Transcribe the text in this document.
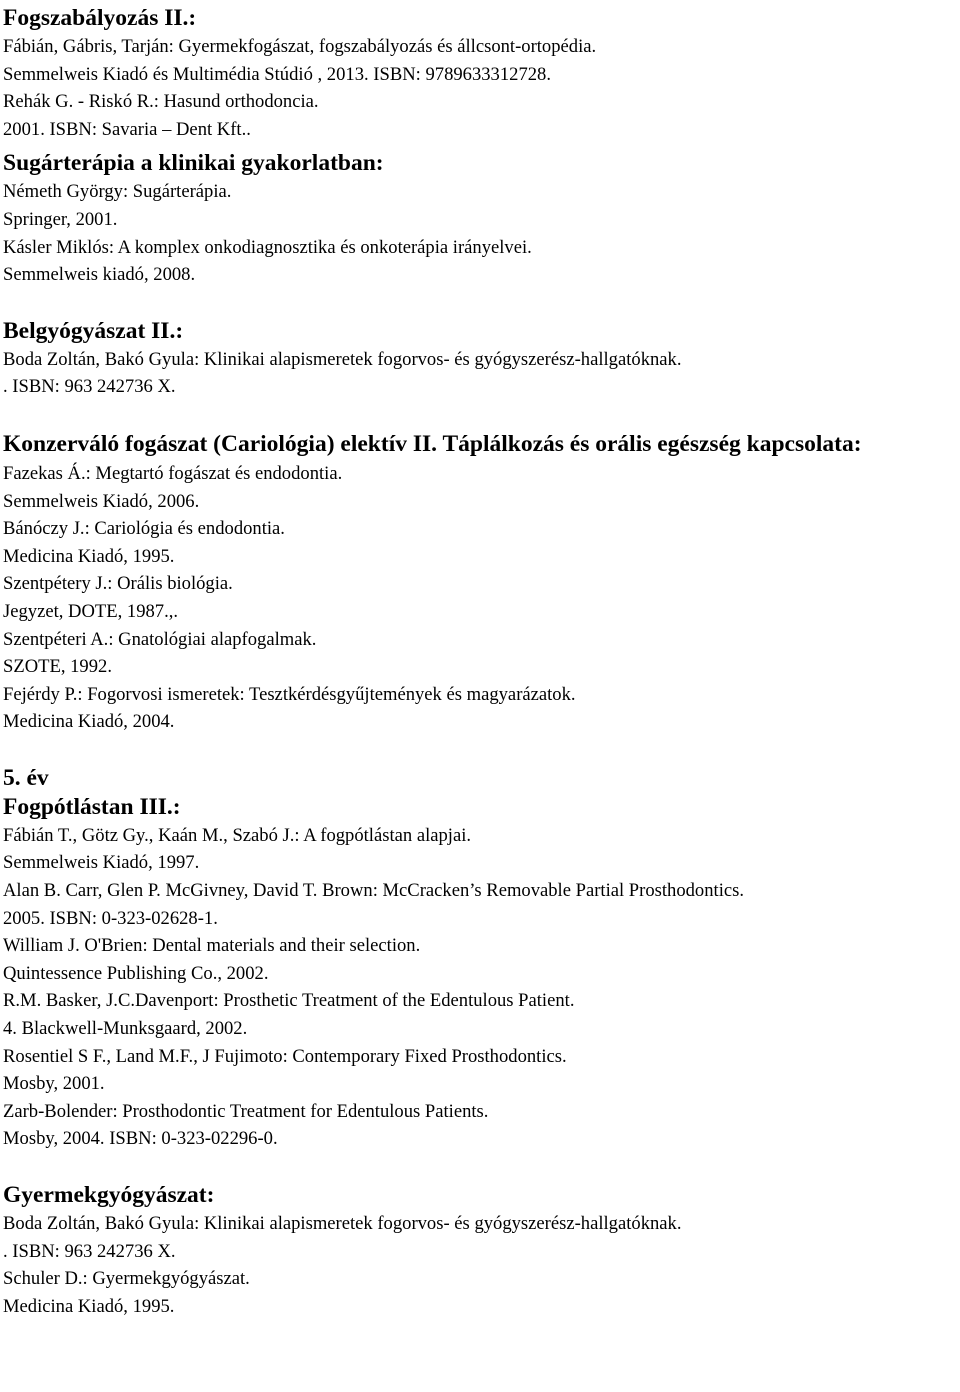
Fogszabályozás II.:
Fábián, Gábris, Tarján: Gyermekfogászat, fogszabályozás és állcsont-ortopédia.
Semmelweis Kiadó és Multimédia Stúdió , 2013. ISBN: 9789633312728.
Rehák G. - Riskó R.: Hasund orthodoncia.
2001. ISBN: Savaria – Dent Kft..
Sugárterápia a klinikai gyakorlatban:
Németh György: Sugárterápia.
Springer, 2001.
Kásler Miklós: A komplex onkodiagnosztika és onkoterápia irányelvei.
Semmelweis kiadó, 2008.
Belgyógyászat II.:
Boda Zoltán, Bakó Gyula: Klinikai alapismeretek fogorvos- és gyógyszerész-hallgatóknak.
. ISBN: 963 242736 X.
Konzerváló fogászat (Cariológia) elektív II. Táplálkozás és orális egészség kapcsolata:
Fazekas Á.: Megtartó fogászat és endodontia.
Semmelweis Kiadó, 2006.
Bánóczy J.: Cariológia és endodontia.
Medicina Kiadó, 1995.
Szentpétery J.: Orális biológia.
Jegyzet, DOTE, 1987.,.
Szentpéteri A.: Gnatológiai alapfogalmak.
SZOTE, 1992.
Fejérdy P.: Fogorvosi ismeretek: Tesztkérdésgyűjtemények és magyarázatok.
Medicina Kiadó, 2004.
5. év
Fogpótlástan III.:
Fábián T., Götz Gy., Kaán M., Szabó J.: A fogpótlástan alapjai.
Semmelweis Kiadó, 1997.
Alan B. Carr, Glen P. McGivney, David T. Brown: McCracken’s Removable Partial Prosthodontics.
2005. ISBN: 0-323-02628-1.
William J. O'Brien: Dental materials and their selection.
Quintessence Publishing Co., 2002.
R.M. Basker, J.C.Davenport: Prosthetic Treatment of the Edentulous Patient.
4. Blackwell-Munksgaard, 2002.
Rosentiel S F., Land M.F., J Fujimoto: Contemporary Fixed Prosthodontics.
Mosby, 2001.
Zarb-Bolender: Prosthodontic Treatment for Edentulous Patients.
Mosby, 2004. ISBN: 0-323-02296-0.
Gyermekgyógyászat:
Boda Zoltán, Bakó Gyula: Klinikai alapismeretek fogorvos- és gyógyszerész-hallgatóknak.
. ISBN: 963 242736 X.
Schuler D.: Gyermekgyógyászat.
Medicina Kiadó, 1995.
